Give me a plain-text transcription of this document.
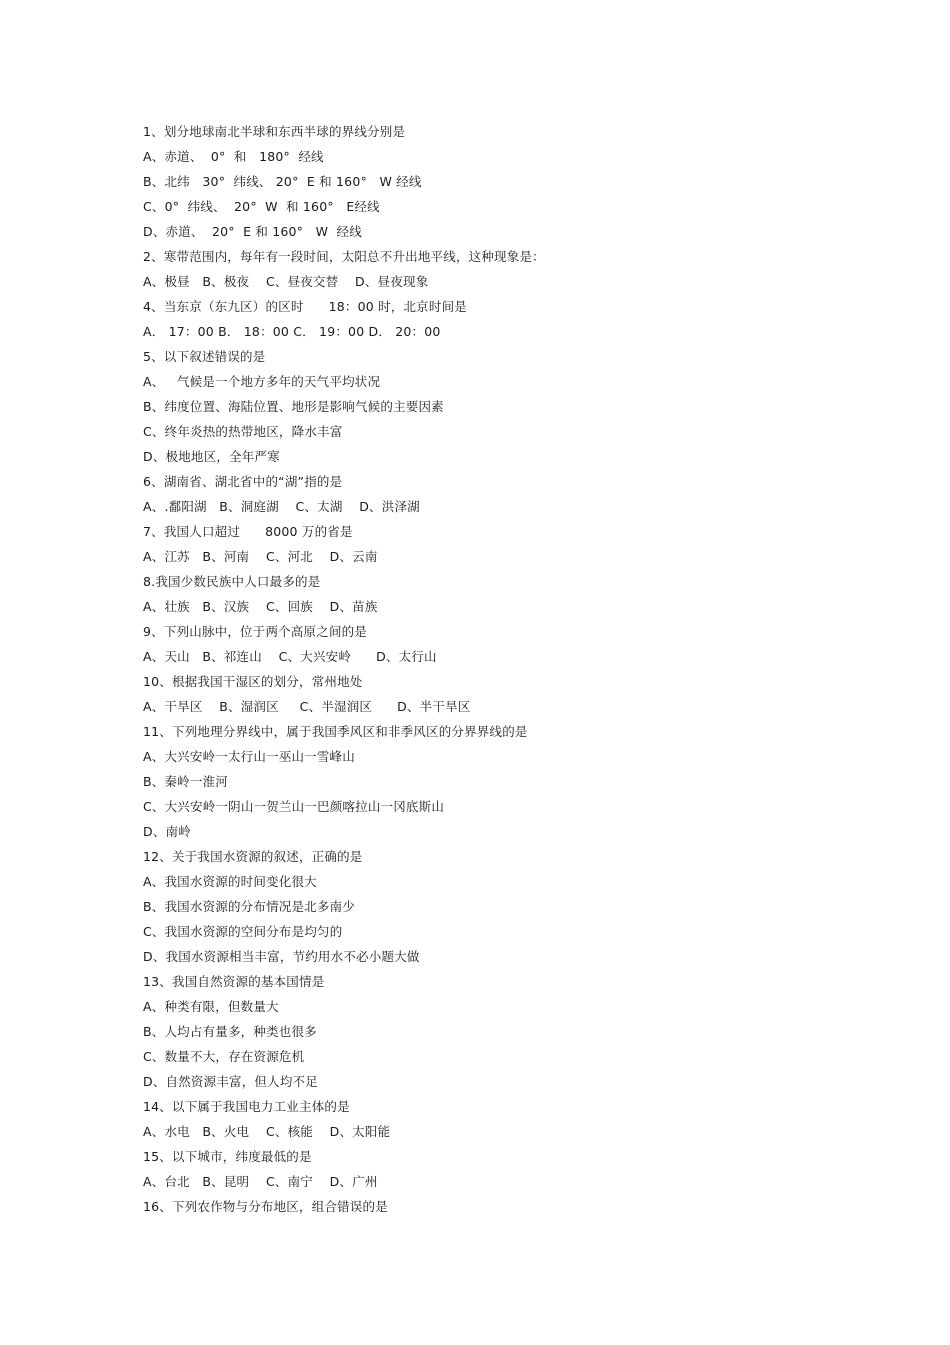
1、划分地球南北半球和东西半球的界线分别是
A、赤道、  0°  和   180°  经线
B、北纬   30°  纬线、 20°  E 和 160°   W 经线
C、0°  纬线、  20°  W  和 160°   E经线
D、赤道、  20°  E 和 160°   W  经线
2、寒带范围内，每年有一段时间，太阳总不升出地平线，这种现象是：
A、极昼   B、极夜    C、昼夜交替    D、昼夜现象
4、当东京（东九区）的区时      18：00 时，北京时间是
A． 17：00 B． 18：00 C． 19：00 D． 20：00
5、以下叙述错误的是
A、   气候是一个地方多年的天气平均状况
B、纬度位置、海陆位置、地形是影响气候的主要因素
C、终年炎热的热带地区，降水丰富
D、极地地区，全年严寒
6、湖南省、湖北省中的“湖”指的是
A、.鄱阳湖   B、洞庭湖    C、太湖    D、洪泽湖
7、我国人口超过      8000 万的省是
A、江苏   B、河南    C、河北    D、云南
8.我国少数民族中人口最多的是
A、壮族   B、汉族    C、回族    D、苗族
9、下列山脉中，位于两个高原之间的是
A、天山   B、祁连山    C、大兴安岭      D、太行山
10、根据我国干湿区的划分，常州地处
A、干旱区    B、湿润区     C、半湿润区      D、半干旱区
11、下列地理分界线中，属于我国季风区和非季风区的分界界线的是
A、大兴安岭一太行山一巫山一雪峰山
B、秦岭一淮河
C、大兴安岭一阴山一贺兰山一巴颜喀拉山一冈底斯山
D、南岭
12、关于我国水资源的叙述，正确的是
A、我国水资源的时间变化很大
B、我国水资源的分布情况是北多南少
C、我国水资源的空间分布是均匀的
D、我国水资源相当丰富，节约用水不必小题大做
13、我国自然资源的基本国情是
A、种类有限，但数量大
B、人均占有量多，种类也很多
C、数量不大，存在资源危机
D、自然资源丰富，但人均不足
14、以下属于我国电力工业主体的是
A、水电   B、火电    C、核能    D、太阳能
15、以下城市，纬度最低的是
A、台北   B、昆明    C、南宁    D、广州
16、下列农作物与分布地区，组合错误的是
